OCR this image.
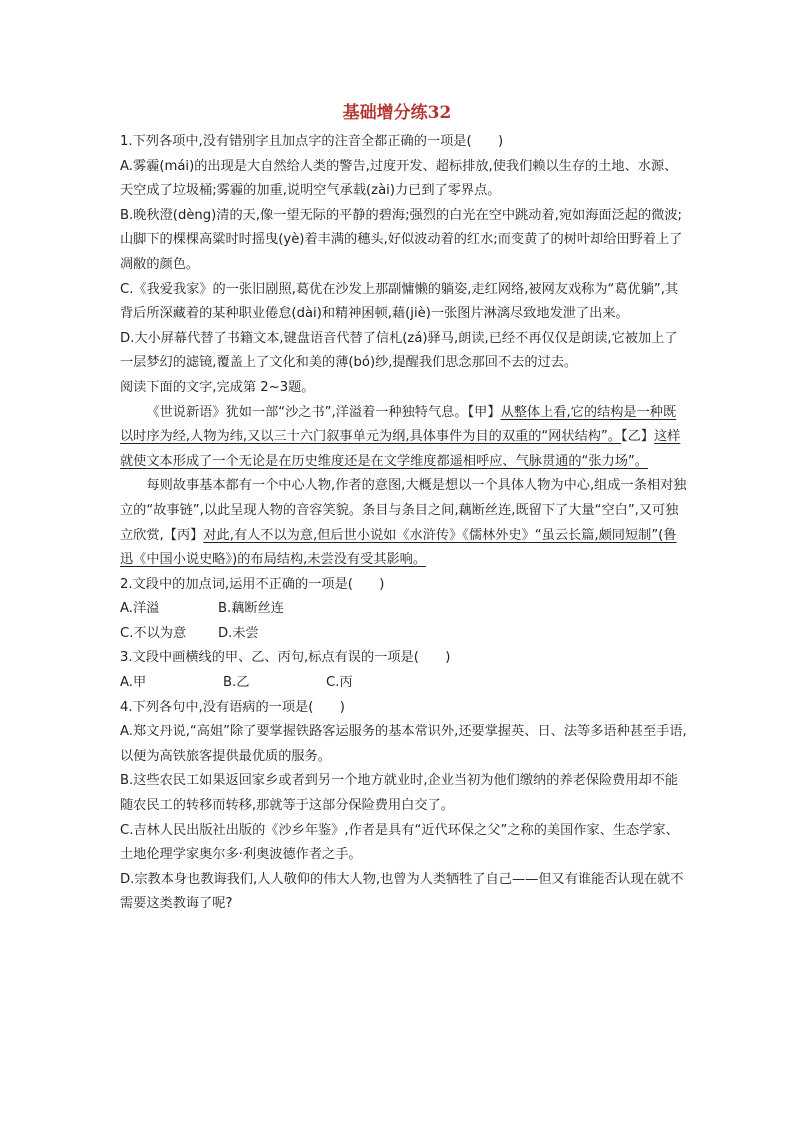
基础增分练32

1.下列各项中,没有错别字且加点字的注音全都正确的一项是(　　)

A.雾霾(mái)的出现是大自然给人类的警告,过度开发、超标排放,使我们赖以生存的土地、水源、天空成了垃圾桶;雾霾的加重,说明空气承载(zài)力已到了零界点。

B.晚秋澄(dèng)清的天,像一望无际的平静的碧海;强烈的白光在空中跳动着,宛如海面泛起的微波;山脚下的棵棵高粱时时摇曳(yè)着丰满的穗头,好似波动着的红水;而变黄了的树叶却给田野着上了凋敝的颜色。

C.《我爱我家》的一张旧剧照,葛优在沙发上那副慵懒的躺姿,走红网络,被网友戏称为“葛优躺”,其背后所深藏着的某种职业倦怠(dài)和精神困顿,藉(jiè)一张图片淋漓尽致地发泄了出来。

D.大小屏幕代替了书籍文本,键盘语音代替了信札(zá)驿马,朗读,已经不再仅仅是朗读,它被加上了一层梦幻的滤镜,覆盖上了文化和美的薄(bó)纱,提醒我们思念那回不去的过去。

阅读下面的文字,完成第 2~3题。

《世说新语》犹如一部“沙之书”,洋溢着一种独特气息。【甲】从整体上看,它的结构是一种既以时序为经,人物为纬,又以三十六门叙事单元为纲,具体事件为目的双重的“网状结构”。【乙】这样就使文本形成了一个无论是在历史维度还是在文学维度都遥相呼应、气脉贯通的“张力场”。

每则故事基本都有一个中心人物,作者的意图,大概是想以一个具体人物为中心,组成一条相对独立的“故事链”,以此呈现人物的音容笑貌。条目与条目之间,藕断丝连,既留下了大量“空白”,又可独立欣赏,【丙】对此,有人不以为意,但后世小说如《水浒传》《儒林外史》“虽云长篇,颇同短制”(鲁迅《中国小说史略》)的布局结构,未尝没有受其影响。

2.文段中的加点词,运用不正确的一项是(　　)

A.洋溢	B.藕断丝连
C.不以为意	D.未尝

3.文段中画横线的甲、乙、丙句,标点有误的一项是(　　)

A.甲	B.乙	C.丙

4.下列各句中,没有语病的一项是(　　)

A.郑文丹说,“高姐”除了要掌握铁路客运服务的基本常识外,还要掌握英、日、法等多语种甚至手语,以便为高铁旅客提供最优质的服务。

B.这些农民工如果返回家乡或者到另一个地方就业时,企业当初为他们缴纳的养老保险费用却不能随农民工的转移而转移,那就等于这部分保险费用白交了。

C.吉林人民出版社出版的《沙乡年鉴》,作者是具有“近代环保之父”之称的美国作家、生态学家、土地伦理学家奥尔多·利奥波德作者之手。

D.宗教本身也教诲我们,人人敬仰的伟大人物,也曾为人类牺牲了自己——但又有谁能否认现在就不需要这类教诲了呢?
